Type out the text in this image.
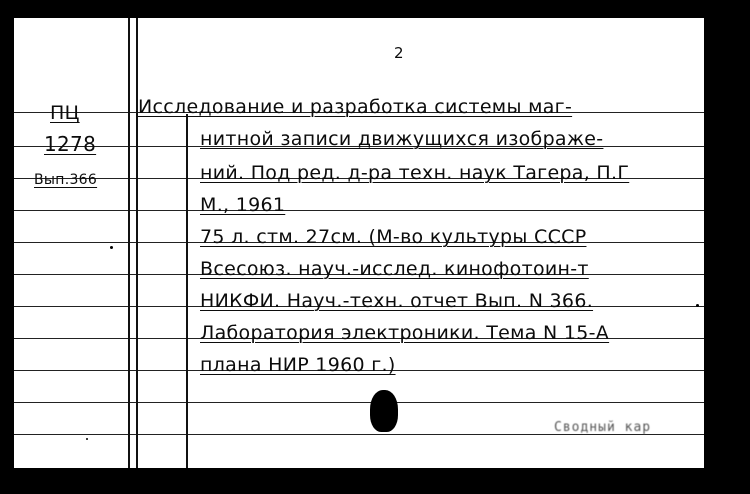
2
ПЦ
1278
Вып.366
Исследование и разработка системы маг-
нитной записи движущихся изображе-
ний. Под ред. д-ра техн. наук Тагера, П.Г
М., 1961
75 л. стм. 27см. (М-во культуры СССР
Всесоюз. науч.-исслед. кинофотоин-т
НИКФИ. Науч.-техн. отчет Вып. N 366.
Лаборатория электроники. Тема N 15-А
плана НИР 1960 г.)
Сводный кар
